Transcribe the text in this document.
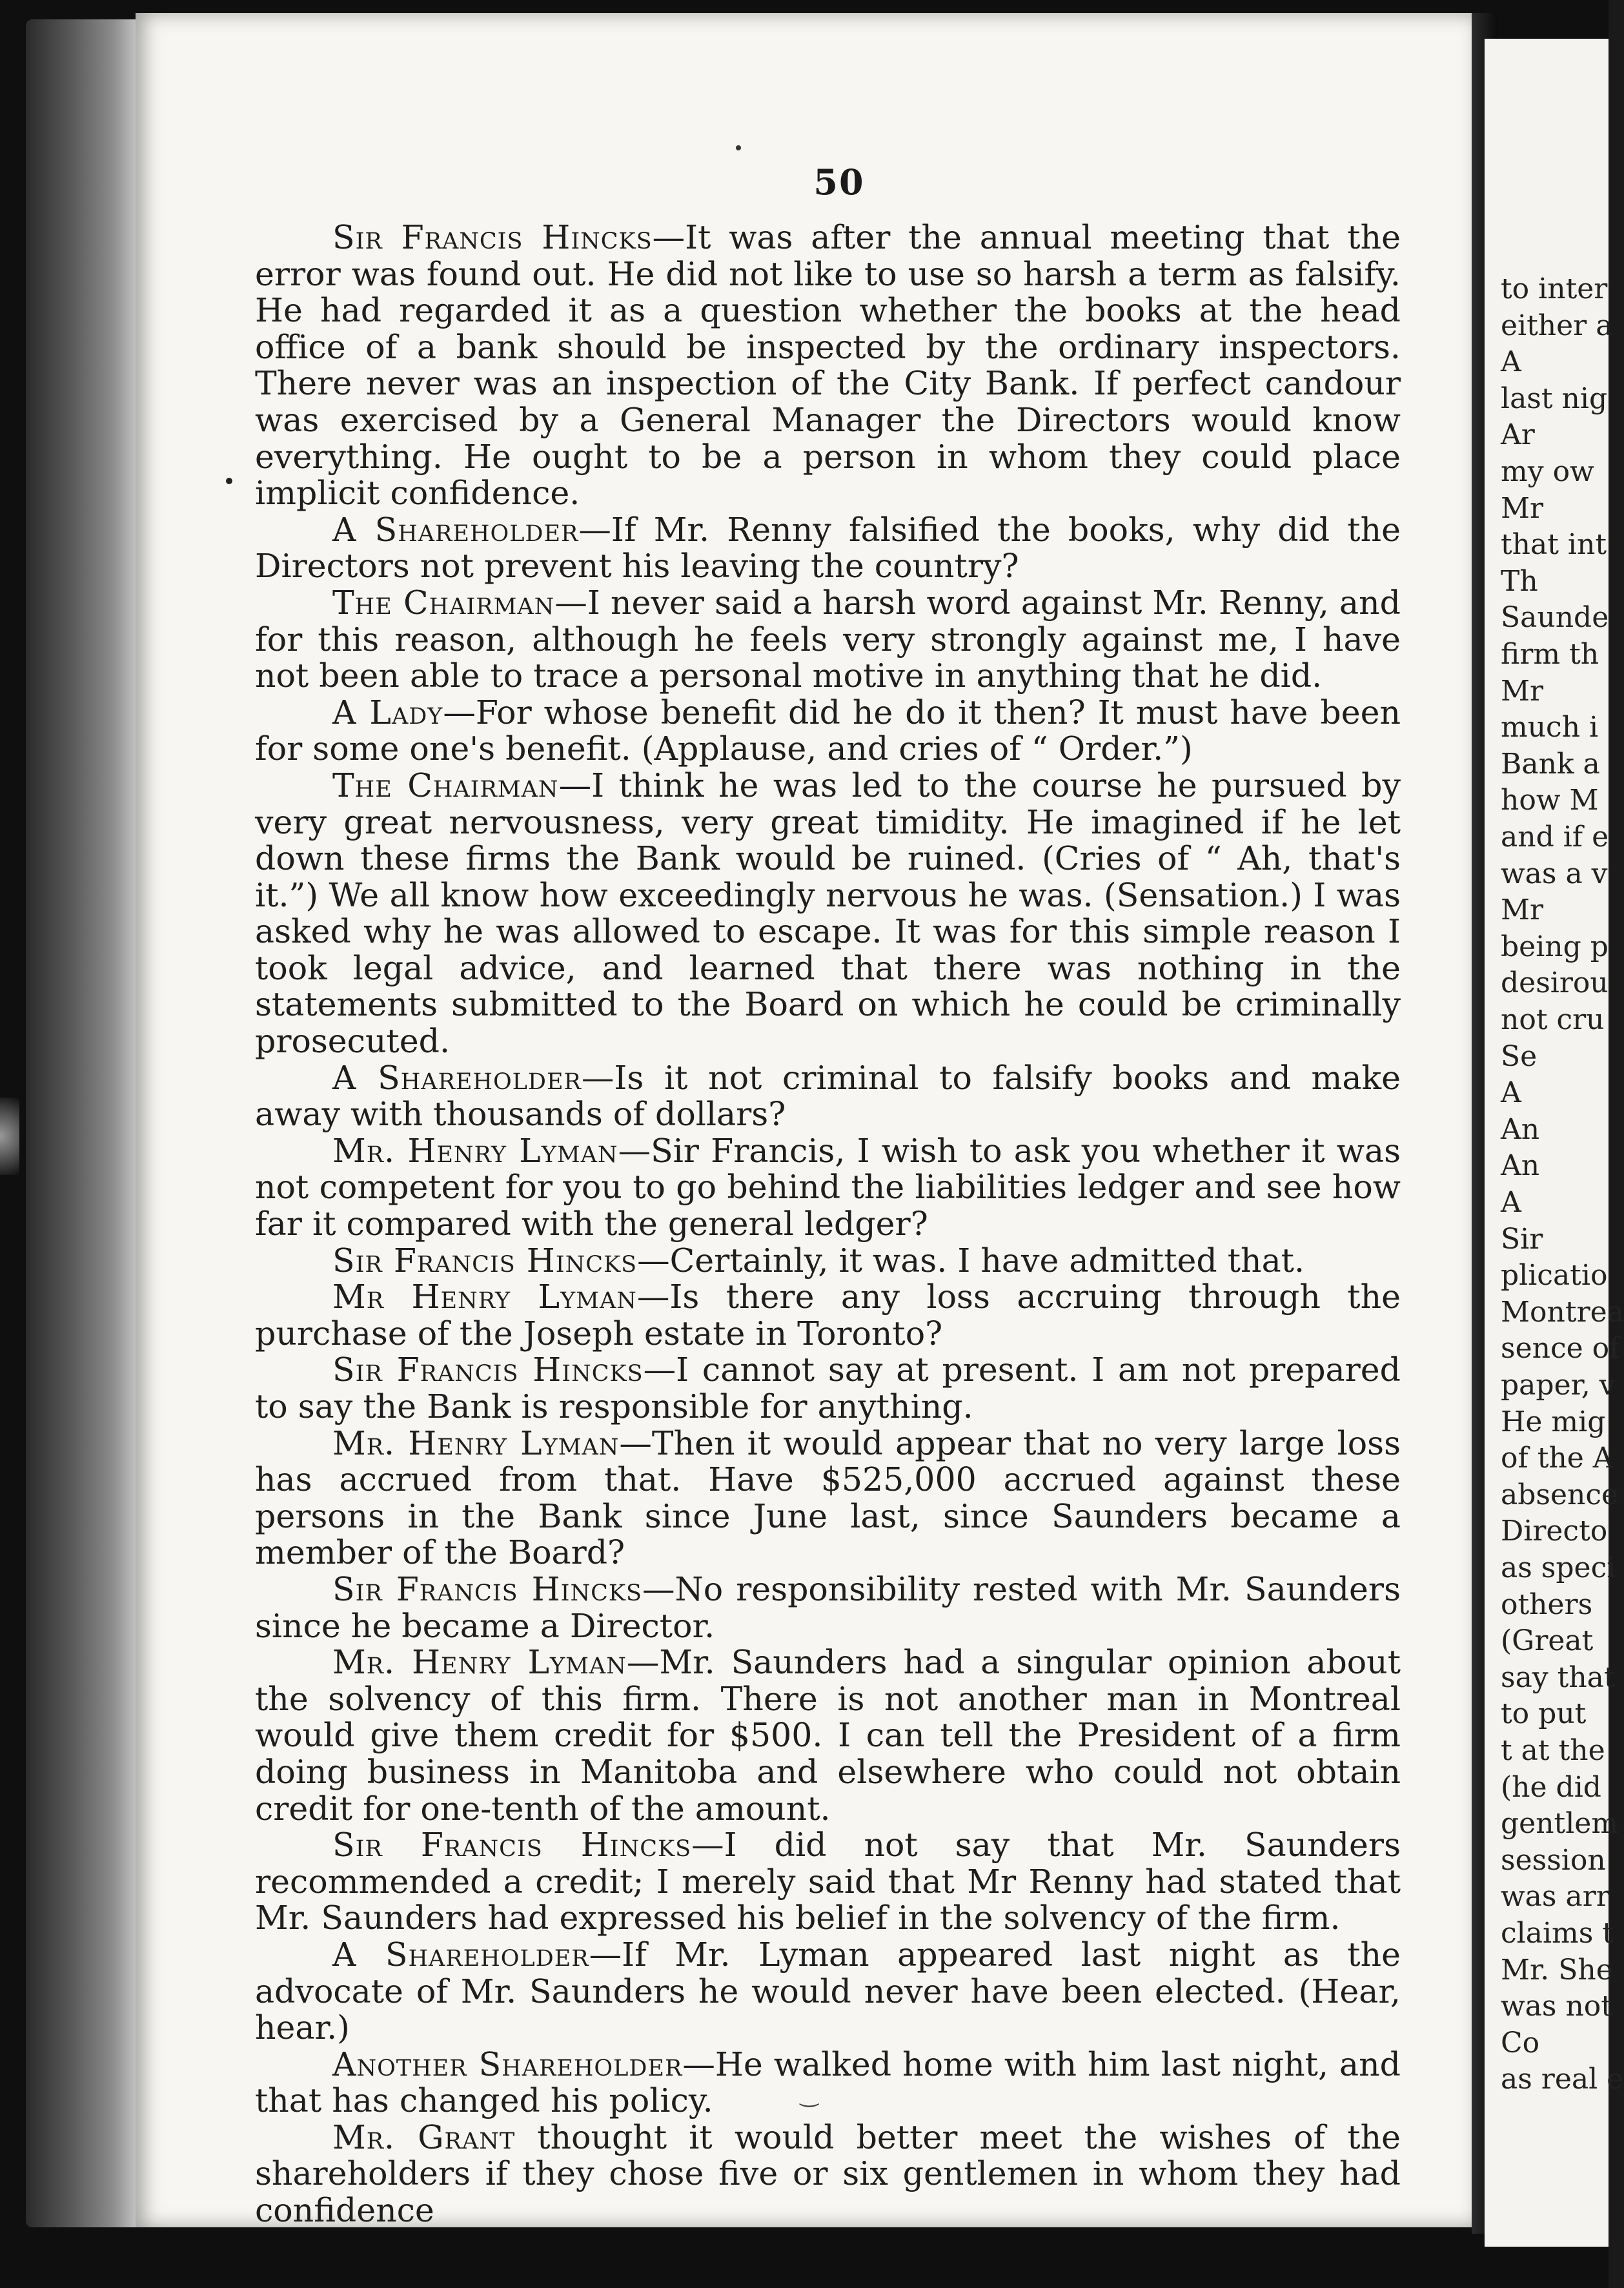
to inter
either a
A
last nig
Ar
my ow
Mr
that int
Th
Saunde
firm th
Mr
much i
Bank a
how M
and if e
was a v
Mr
being p
desirou
not cru
Se
A
An
An
A
Sir
plicatio
Montrea
sence of
paper, v
He mig
of the A
absence
Directo
as speci
others
(Great
say that
to put
t at the
(he did
gentlem
session
was arr
claims t
Mr. She
was not
Co
as real e
50

Sir Francis Hincks—It was after the annual meeting that the error was found out. He did not like to use so harsh a term as falsify. He had regarded it as a question whether the books at the head office of a bank should be inspected by the ordinary inspectors. There never was an inspection of the City Bank. If perfect candour was exercised by a General Manager the Directors would know everything. He ought to be a person in whom they could place implicit confidence.

A Shareholder—If Mr. Renny falsified the books, why did the Directors not prevent his leaving the country?

The Chairman—I never said a harsh word against Mr. Renny, and for this reason, although he feels very strongly against me, I have not been able to trace a personal motive in anything that he did.

A Lady—For whose benefit did he do it then? It must have been for some one's benefit. (Applause, and cries of “ Order.”)

The Chairman—I think he was led to the course he pursued by very great nervousness, very great timidity. He imagined if he let down these firms the Bank would be ruined. (Cries of “ Ah, that's it.”) We all know how exceedingly nervous he was. (Sensation.) I was asked why he was allowed to escape. It was for this simple reason I took legal advice, and learned that there was nothing in the statements submitted to the Board on which he could be criminally prosecuted.

A Shareholder—Is it not criminal to falsify books and make away with thousands of dollars?

Mr. Henry Lyman—Sir Francis, I wish to ask you whether it was not competent for you to go behind the liabilities ledger and see how far it compared with the general ledger?

Sir Francis Hincks—Certainly, it was. I have admitted that.

Mr Henry Lyman—Is there any loss accruing through the purchase of the Joseph estate in Toronto?

Sir Francis Hincks—I cannot say at present. I am not prepared to say the Bank is responsible for anything.

Mr. Henry Lyman—Then it would appear that no very large loss has accrued from that. Have $525,000 accrued against these persons in the Bank since June last, since Saunders became a member of the Board?

Sir Francis Hincks—No responsibility rested with Mr. Saunders since he became a Director.

Mr. Henry Lyman—Mr. Saunders had a singular opinion about the solvency of this firm. There is not another man in Montreal would give them credit for $500. I can tell the President of a firm doing business in Manitoba and elsewhere who could not obtain credit for one-tenth of the amount.

Sir Francis Hincks—I did not say that Mr. Saunders recommended a credit; I merely said that Mr Renny had stated that Mr. Saunders had expressed his belief in the solvency of the firm.

A Shareholder—If Mr. Lyman appeared last night as the advocate of Mr. Saunders he would never have been elected. (Hear, hear.)

Another Shareholder—He walked home with him last night, and that has changed his policy.

Mr. Grant thought it would better meet the wishes of the shareholders if they chose five or six gentlemen in whom they had confidence

‿
